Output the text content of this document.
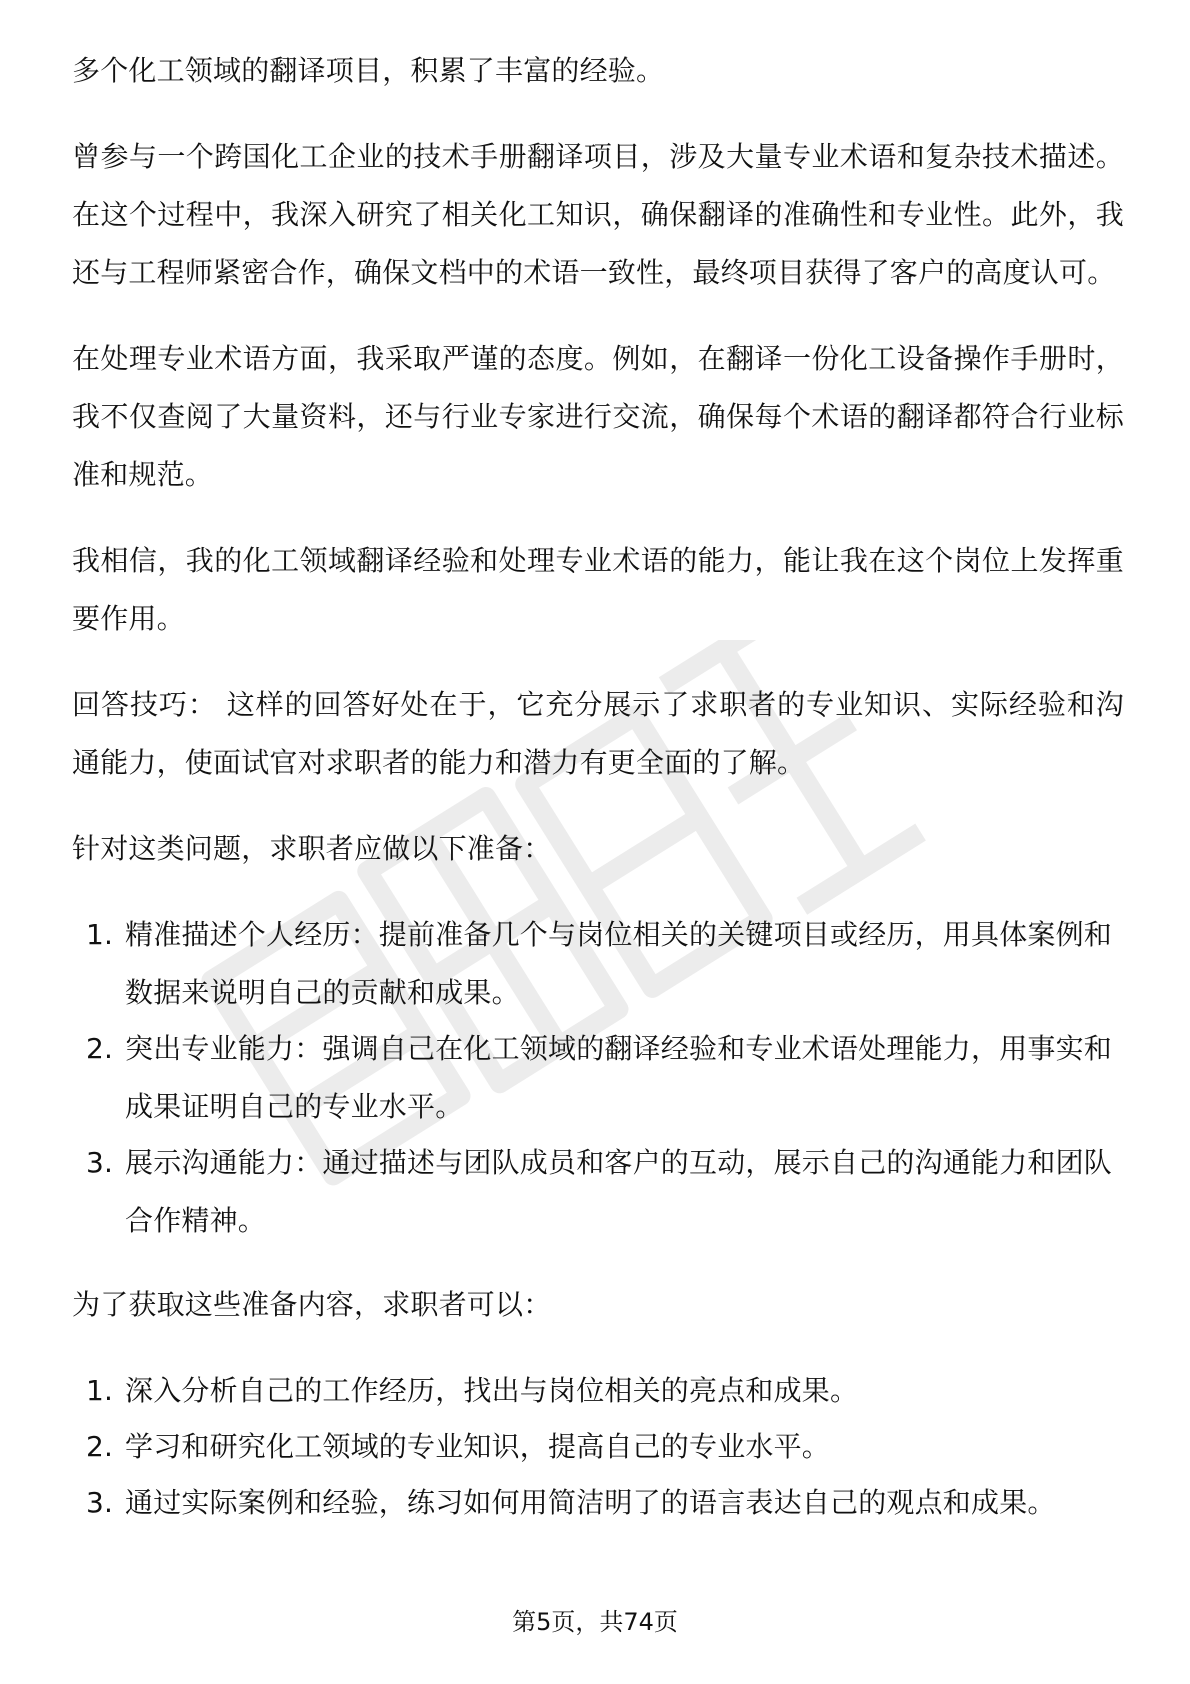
多个化工领域的翻译项目，积累了丰富的经验。

曾参与一个跨国化工企业的技术手册翻译项目，涉及大量专业术语和复杂技术描述。在这个过程中，我深入研究了相关化工知识，确保翻译的准确性和专业性。此外，我还与工程师紧密合作，确保文档中的术语一致性，最终项目获得了客户的高度认可。

在处理专业术语方面，我采取严谨的态度。例如，在翻译一份化工设备操作手册时，我不仅查阅了大量资料，还与行业专家进行交流，确保每个术语的翻译都符合行业标准和规范。

我相信，我的化工领域翻译经验和处理专业术语的能力，能让我在这个岗位上发挥重要作用。

回答技巧： 这样的回答好处在于，它充分展示了求职者的专业知识、实际经验和沟通能力，使面试官对求职者的能力和潜力有更全面的了解。

针对这类问题，求职者应做以下准备：

1. 精准描述个人经历：提前准备几个与岗位相关的关键项目或经历，用具体案例和数据来说明自己的贡献和成果。
2. 突出专业能力：强调自己在化工领域的翻译经验和专业术语处理能力，用事实和成果证明自己的专业水平。
3. 展示沟通能力：通过描述与团队成员和客户的互动，展示自己的沟通能力和团队合作精神。

为了获取这些准备内容，求职者可以：

1. 深入分析自己的工作经历，找出与岗位相关的亮点和成果。
2. 学习和研究化工领域的专业知识，提高自己的专业水平。
3. 通过实际案例和经验，练习如何用简洁明了的语言表达自己的观点和成果。
第5页，共74页
